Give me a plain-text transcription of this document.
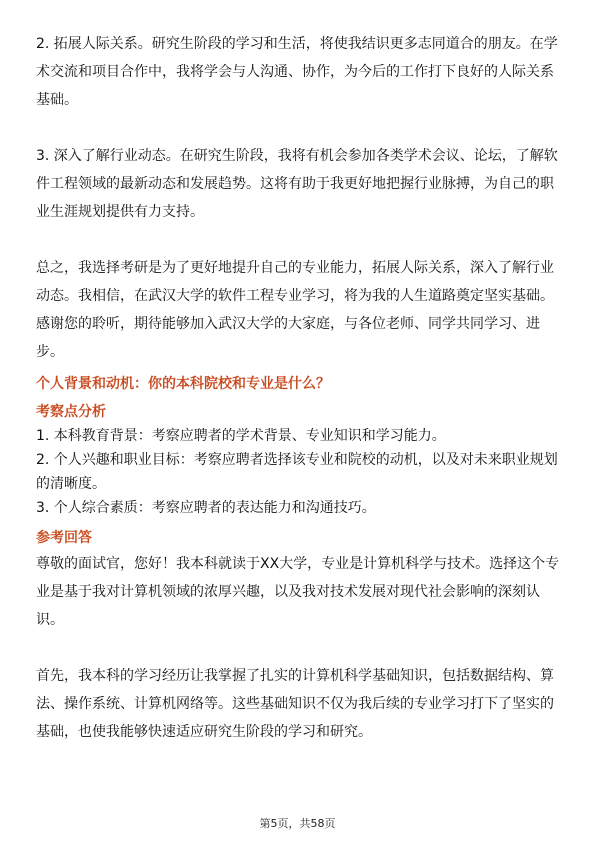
2. 拓展人际关系。研究生阶段的学习和生活，将使我结识更多志同道合的朋友。在学术交流和项目合作中，我将学会与人沟通、协作，为今后的工作打下良好的人际关系基础。

3. 深入了解行业动态。在研究生阶段，我将有机会参加各类学术会议、论坛，了解软件工程领域的最新动态和发展趋势。这将有助于我更好地把握行业脉搏，为自己的职业生涯规划提供有力支持。

总之，我选择考研是为了更好地提升自己的专业能力，拓展人际关系，深入了解行业动态。我相信，在武汉大学的软件工程专业学习，将为我的人生道路奠定坚实基础。感谢您的聆听，期待能够加入武汉大学的大家庭，与各位老师、同学共同学习、进步。

个人背景和动机：你的本科院校和专业是什么？

考察点分析

1. 本科教育背景：考察应聘者的学术背景、专业知识和学习能力。

2. 个人兴趣和职业目标：考察应聘者选择该专业和院校的动机，以及对未来职业规划的清晰度。

3. 个人综合素质：考察应聘者的表达能力和沟通技巧。

参考回答

尊敬的面试官，您好！我本科就读于XX大学，专业是计算机科学与技术。选择这个专业是基于我对计算机领域的浓厚兴趣，以及我对技术发展对现代社会影响的深刻认识。

首先，我本科的学习经历让我掌握了扎实的计算机科学基础知识，包括数据结构、算法、操作系统、计算机网络等。这些基础知识不仅为我后续的专业学习打下了坚实的基础，也使我能够快速适应研究生阶段的学习和研究。

第5页，共58页
